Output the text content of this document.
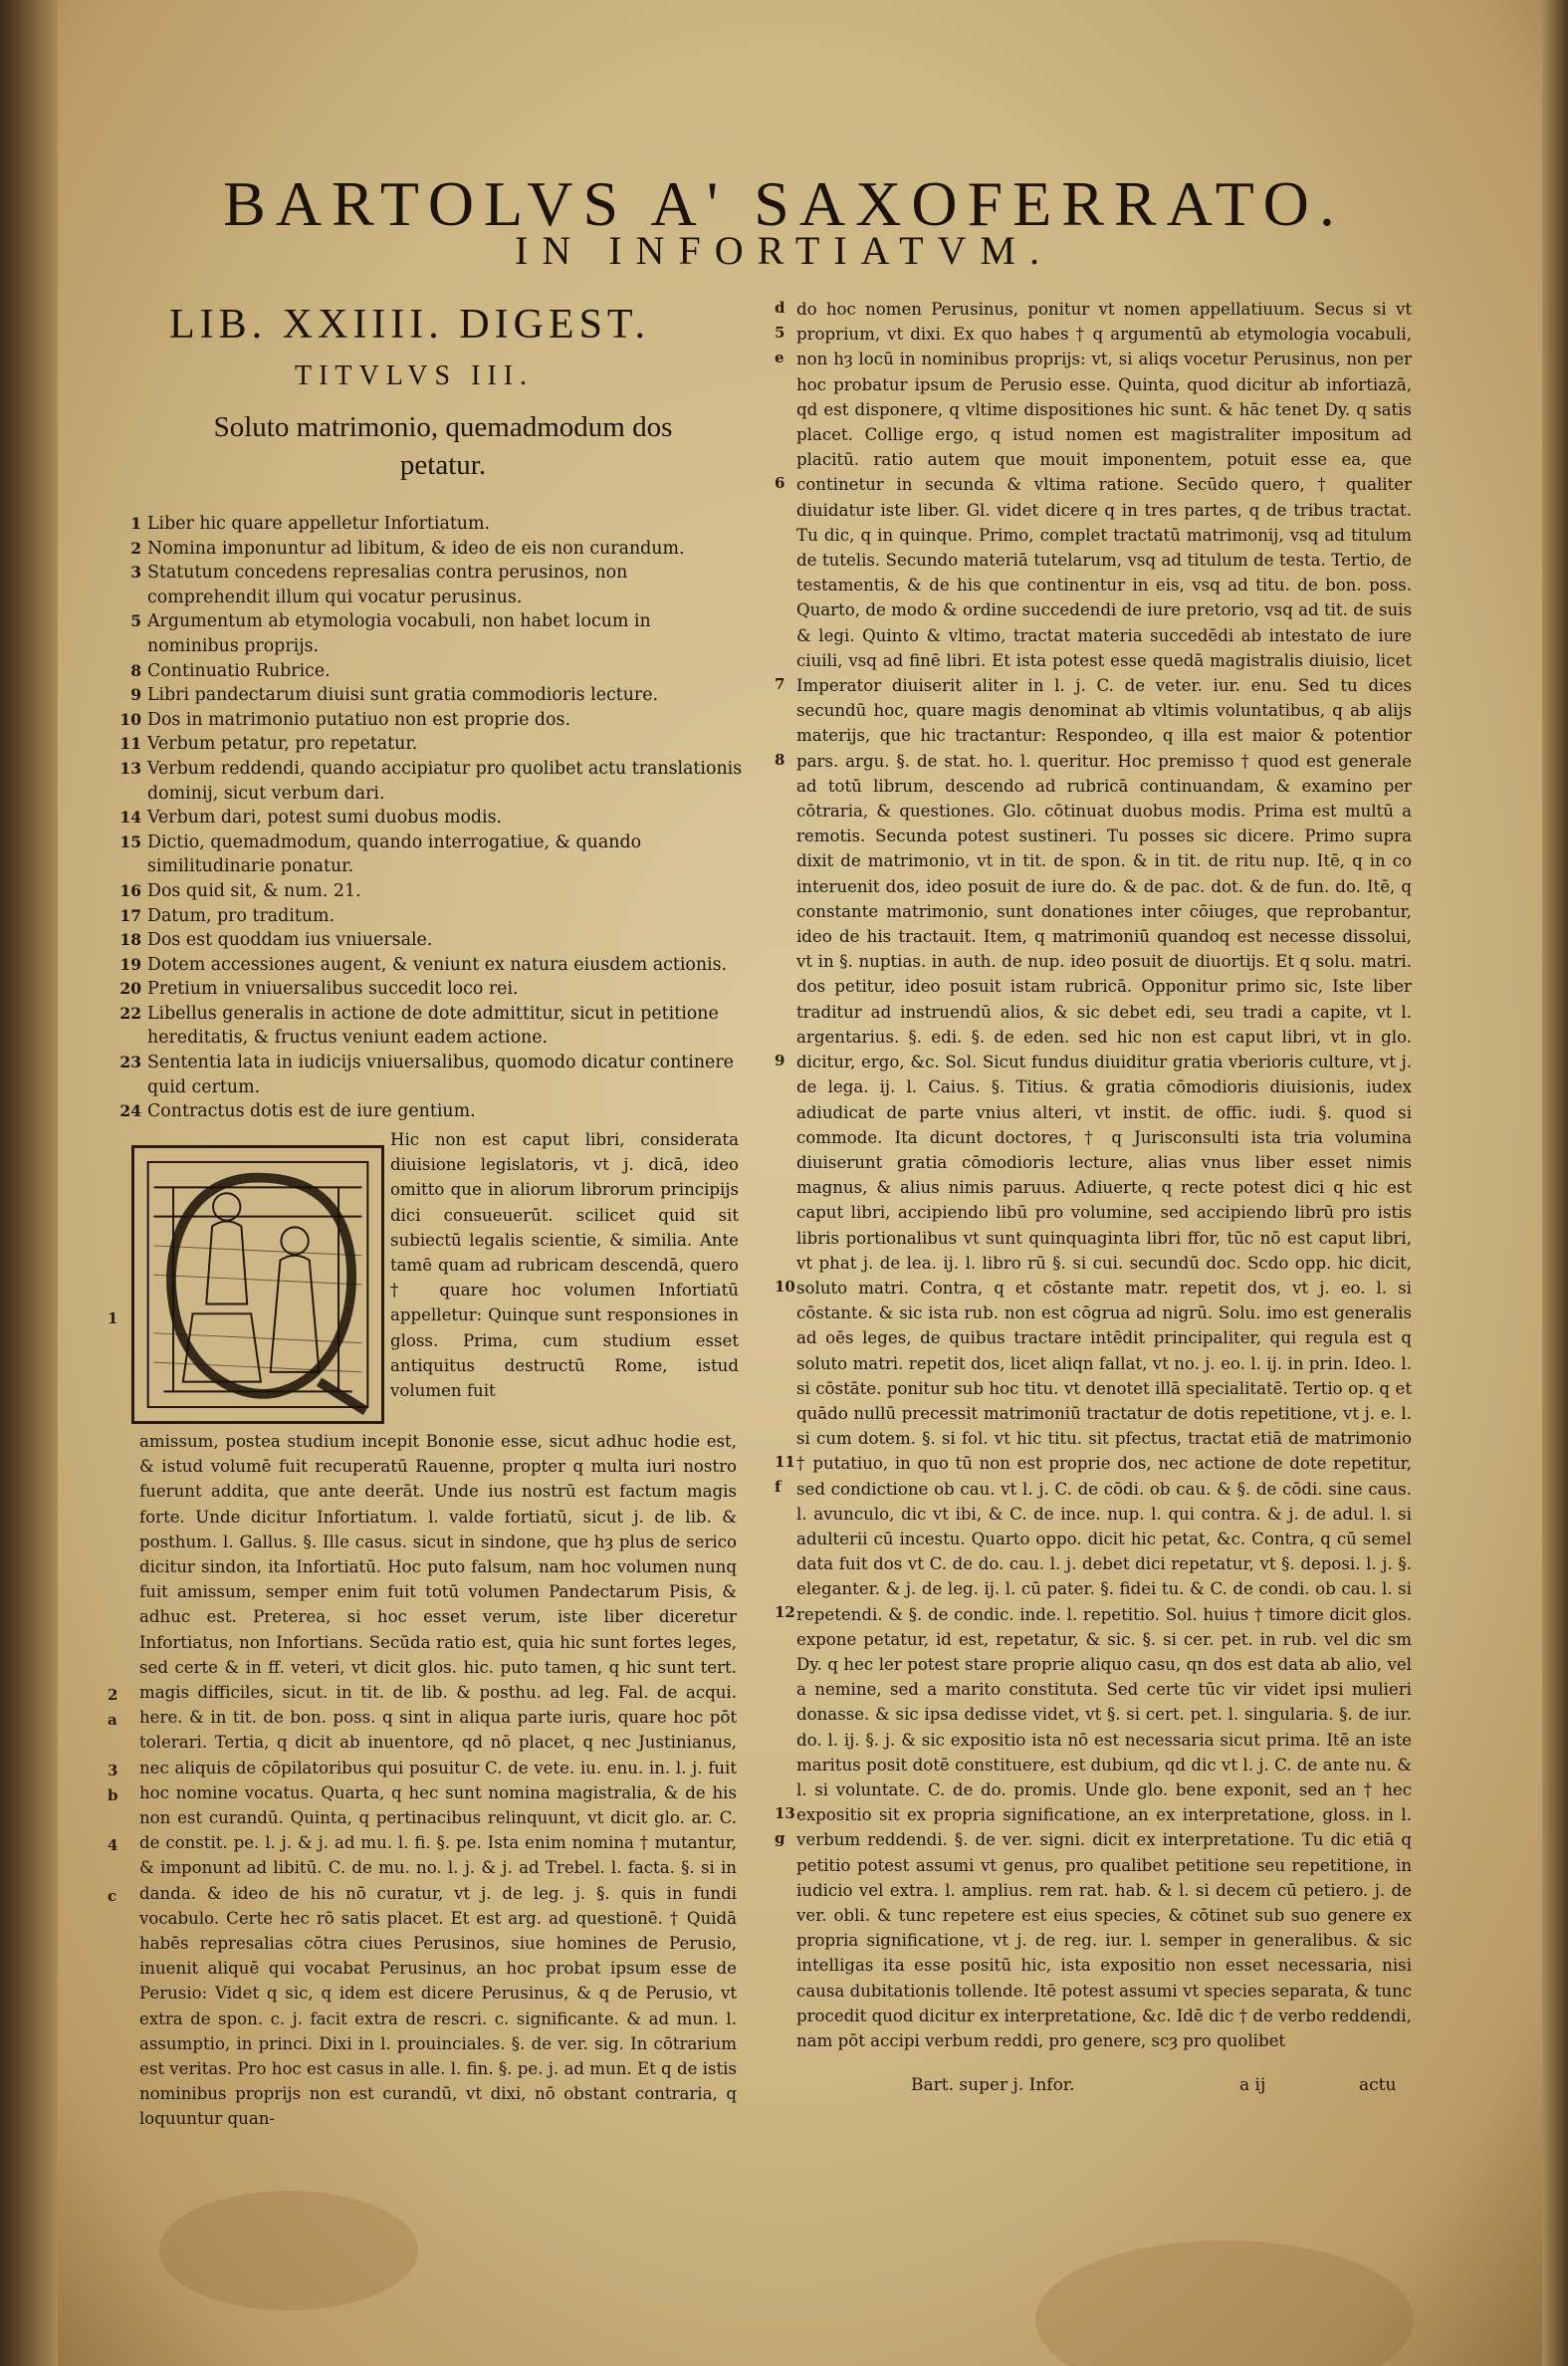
BARTOLVS A' SAXOFERRATO.
IN INFORTIATVM.
LIB. XXIIII. DIGEST.
TITVLVS III.
Soluto matrimonio, quemadmodum dos petatur.
1 Liber hic quare appelletur Infortiatum.
2 Nomina imponuntur ad libitum, & ideo de eis non curandum.
3 Statutum concedens represalias contra perusinos, non comprehendit illum qui vocatur perusinus.
5 Argumentum ab etymologia vocabuli, non habet locum in nominibus proprijs.
8 Continuatio Rubrice.
9 Libri pandectarum diuisi sunt gratia commodioris lecture.
10 Dos in matrimonio putatiuo non est proprie dos.
11 Verbum petatur, pro repetatur.
13 Verbum reddendi, quando accipiatur pro quolibet actu translationis dominij, sicut verbum dari.
14 Verbum dari, potest sumi duobus modis.
15 Dictio, quemadmodum, quando interrogatiue, & quando similitudinarie ponatur.
16 Dos quid sit, & num. 21.
17 Datum, pro traditum.
18 Dos est quoddam ius vniuersale.
19 Dotem accessiones augent, & veniunt ex natura eiusdem actionis.
20 Pretium in vniuersalibus succedit loco rei.
22 Libellus generalis in actione de dote admittitur, sicut in petitione hereditatis, & fructus veniunt eadem actione.
23 Sententia lata in iudicijs vniuersalibus, quomodo dicatur continere quid certum.
24 Contractus dotis est de iure gentium.

Hic non est caput libri, considerata diuisione legislatoris, vt j. dicā, ideo omitto que in aliorum librorum principijs dici consueuerūt. scilicet quid sit subiectū legalis scientie, & similia. Ante tamē quam ad rubricam descendā, quero † quare hoc volumen Infortiatū appelletur: Quinque sunt responsiones in gloss. Prima, cum studium esset antiquitus destructū Rome, istud volumen fuit

amissum, postea studium incepit Bononie esse, sicut adhuc hodie est, & istud volumē fuit recuperatū Rauenne, propter q multa iuri nostro fuerunt addita, que ante deerāt. Unde ius nostrū est factum magis forte. Unde dicitur Infortiatum. l. valde fortiatū, sicut j. de lib. & posthum. l. Gallus. §. Ille casus. sicut in sindone, que hȝ plus de serico dicitur sindon, ita Infortiatū. Hoc puto falsum, nam hoc volumen nunq fuit amissum, semper enim fuit totū volumen Pandectarum Pisis, & adhuc est. Preterea, si hoc esset verum, iste liber diceretur Infortiatus, non Infortians. Secūda ratio est, quia hic sunt fortes leges, sed certe & in ff. veteri, vt dicit glos. hic. puto tamen, q hic sunt tert. magis difficiles, sicut. in tit. de lib. & posthu. ad leg. Fal. de acqui. here. & in tit. de bon. poss. q sint in aliqua parte iuris, quare hoc pōt tolerari. Tertia, q dicit ab inuentore, qd nō placet, q nec Justinianus, nec aliquis de cōpilatoribus qui posuitur C. de vete. iu. enu. in. l. j. fuit hoc nomine vocatus. Quarta, q hec sunt nomina magistralia, & de his non est curandū. Quinta, q pertinacibus relinquunt, vt dicit glo. ar. C. de constit. pe. l. j. & j. ad mu. l. fi. §. pe. Ista enim nomina † mutantur, & imponunt ad libitū. C. de mu. no. l. j. & j. ad Trebel. l. facta. §. si in danda. & ideo de his nō curatur, vt j. de leg. j. §. quis in fundi vocabulo. Certe hec rō satis placet. Et est arg. ad questionē. † Quidā habēs represalias cōtra ciues Perusinos, siue homines de Perusio, inuenit aliquē qui vocabat Perusinus, an hoc probat ipsum esse de Perusio: Videt q sic, q idem est dicere Perusinus, & q de Perusio, vt extra de spon. c. j. facit extra de rescri. c. significante. & ad mun. l. assumptio, in princi. Dixi in l. prouinciales. §. de ver. sig. In cōtrarium est veritas. Pro hoc est casus in alle. l. fin. §. pe. j. ad mun. Et q de istis nominibus proprijs non est curandū, vt dixi, nō obstant contraria, q loquuntur quan-

do hoc nomen Perusinus, ponitur vt nomen appellatiuum. Secus si vt proprium, vt dixi. Ex quo habes † q argumentū ab etymologia vocabuli, non hȝ locū in nominibus proprijs: vt, si aliqs vocetur Perusinus, non per hoc probatur ipsum de Perusio esse. Quinta, quod dicitur ab infortiazā, qd est disponere, q vltime dispositiones hic sunt. & hāc tenet Dy. q satis placet. Collige ergo, q istud nomen est magistraliter impositum ad placitū. ratio autem que mouit imponentem, potuit esse ea, que continetur in secunda & vltima ratione. Secūdo quero, † qualiter diuidatur iste liber. Gl. videt dicere q in tres partes, q de tribus tractat. Tu dic, q in quinque. Primo, complet tractatū matrimonij, vsq ad titulum de tutelis. Secundo materiā tutelarum, vsq ad titulum de testa. Tertio, de testamentis, & de his que continentur in eis, vsq ad titu. de bon. poss. Quarto, de modo & ordine succedendi de iure pretorio, vsq ad tit. de suis & legi. Quinto & vltimo, tractat materia succedēdi ab intestato de iure ciuili, vsq ad finē libri. Et ista potest esse quedā magistralis diuisio, licet Imperator diuiserit aliter in l. j. C. de veter. iur. enu. Sed tu dices secundū hoc, quare magis denominat ab vltimis voluntatibus, q ab alijs materijs, que hic tractantur: Respondeo, q illa est maior & potentior pars. argu. §. de stat. ho. l. queritur. Hoc premisso † quod est generale ad totū librum, descendo ad rubricā continuandam, & examino per cōtraria, & questiones. Glo. cōtinuat duobus modis. Prima est multū a remotis. Secunda potest sustineri. Tu posses sic dicere. Primo supra dixit de matrimonio, vt in tit. de spon. & in tit. de ritu nup. Itē, q in co interuenit dos, ideo posuit de iure do. & de pac. dot. & de fun. do. Itē, q constante matrimonio, sunt donationes inter cōiuges, que reprobantur, ideo de his tractauit. Item, q matrimoniū quandoq est necesse dissolui, vt in §. nuptias. in auth. de nup. ideo posuit de diuortijs. Et q solu. matri. dos petitur, ideo posuit istam rubricā. Opponitur primo sic, Iste liber traditur ad instruendū alios, & sic debet edi, seu tradi a capite, vt l. argentarius. §. edi. §. de eden. sed hic non est caput libri, vt in glo. dicitur, ergo, &c. Sol. Sicut fundus diuiditur gratia vberioris culture, vt j. de lega. ij. l. Caius. §. Titius. & gratia cōmodioris diuisionis, iudex adiudicat de parte vnius alteri, vt instit. de offic. iudi. §. quod si commode. Ita dicunt doctores, † q Jurisconsulti ista tria volumina diuiserunt gratia cōmodioris lecture, alias vnus liber esset nimis magnus, & alius nimis paruus. Adiuerte, q recte potest dici q hic est caput libri, accipiendo libū pro volumine, sed accipiendo librū pro istis libris portionalibus vt sunt quinquaginta libri ffor, tūc nō est caput libri, vt phat j. de lea. ij. l. libro rū §. si cui. secundū doc. Scdo opp. hic dicit, soluto matri. Contra, q et cōstante matr. repetit dos, vt j. eo. l. si cōstante. & sic ista rub. non est cōgrua ad nigrū. Solu. imo est generalis ad oēs leges, de quibus tractare intēdit principaliter, qui regula est q soluto matri. repetit dos, licet aliqn fallat, vt no. j. eo. l. ij. in prin. Ideo. l. si cōstāte. ponitur sub hoc titu. vt denotet illā specialitatē. Tertio op. q et quādo nullū precessit matrimoniū tractatur de dotis repetitione, vt j. e. l. si cum dotem. §. si fol. vt hic titu. sit pfectus, tractat etiā de matrimonio † putatiuo, in quo tū non est proprie dos, nec actione de dote repetitur, sed condictione ob cau. vt l. j. C. de cōdi. ob cau. & §. de cōdi. sine caus. l. avunculo, dic vt ibi, & C. de ince. nup. l. qui contra. & j. de adul. l. si adulterii cū incestu. Quarto oppo. dicit hic petat, &c. Contra, q cū semel data fuit dos vt C. de do. cau. l. j. debet dici repetatur, vt §. deposi. l. j. §. eleganter. & j. de leg. ij. l. cū pater. §. fidei tu. & C. de condi. ob cau. l. si repetendi. & §. de condic. inde. l. repetitio. Sol. huius † timore dicit glos. expone petatur, id est, repetatur, & sic. §. si cer. pet. in rub. vel dic sm Dy. q hec ler potest stare proprie aliquo casu, qn dos est data ab alio, vel a nemine, sed a marito constituta. Sed certe tūc vir videt ipsi mulieri donasse. & sic ipsa dedisse videt, vt §. si cert. pet. l. singularia. §. de iur. do. l. ij. §. j. & sic expositio ista nō est necessaria sicut prima. Itē an iste maritus posit dotē constituere, est dubium, qd dic vt l. j. C. de ante nu. & l. si voluntate. C. de do. promis. Unde glo. bene exponit, sed an † hec expositio sit ex propria significatione, an ex interpretatione, gloss. in l. verbum reddendi. §. de ver. signi. dicit ex interpretatione. Tu dic etiā q petitio potest assumi vt genus, pro qualibet petitione seu repetitione, in iudicio vel extra. l. amplius. rem rat. hab. & l. si decem cū petiero. j. de ver. obli. & tunc repetere est eius species, & cōtinet sub suo genere ex propria significatione, vt j. de reg. iur. l. semper in generalibus. & sic intelligas ita esse positū hic, ista expositio non esset necessaria, nisi causa dubitationis tollende. Itē potest assumi vt species separata, & tunc procedit quod dicitur ex interpretatione, &c. Idē dic † de verbo reddendi, nam pōt accipi verbum reddi, pro genere, scȝ pro quolibet

1
2
a
3
b
4
c
d
5
e
6
7
8
9
10
11
f
12
13
g
Bart. super j. Infor.	a ij	actu
